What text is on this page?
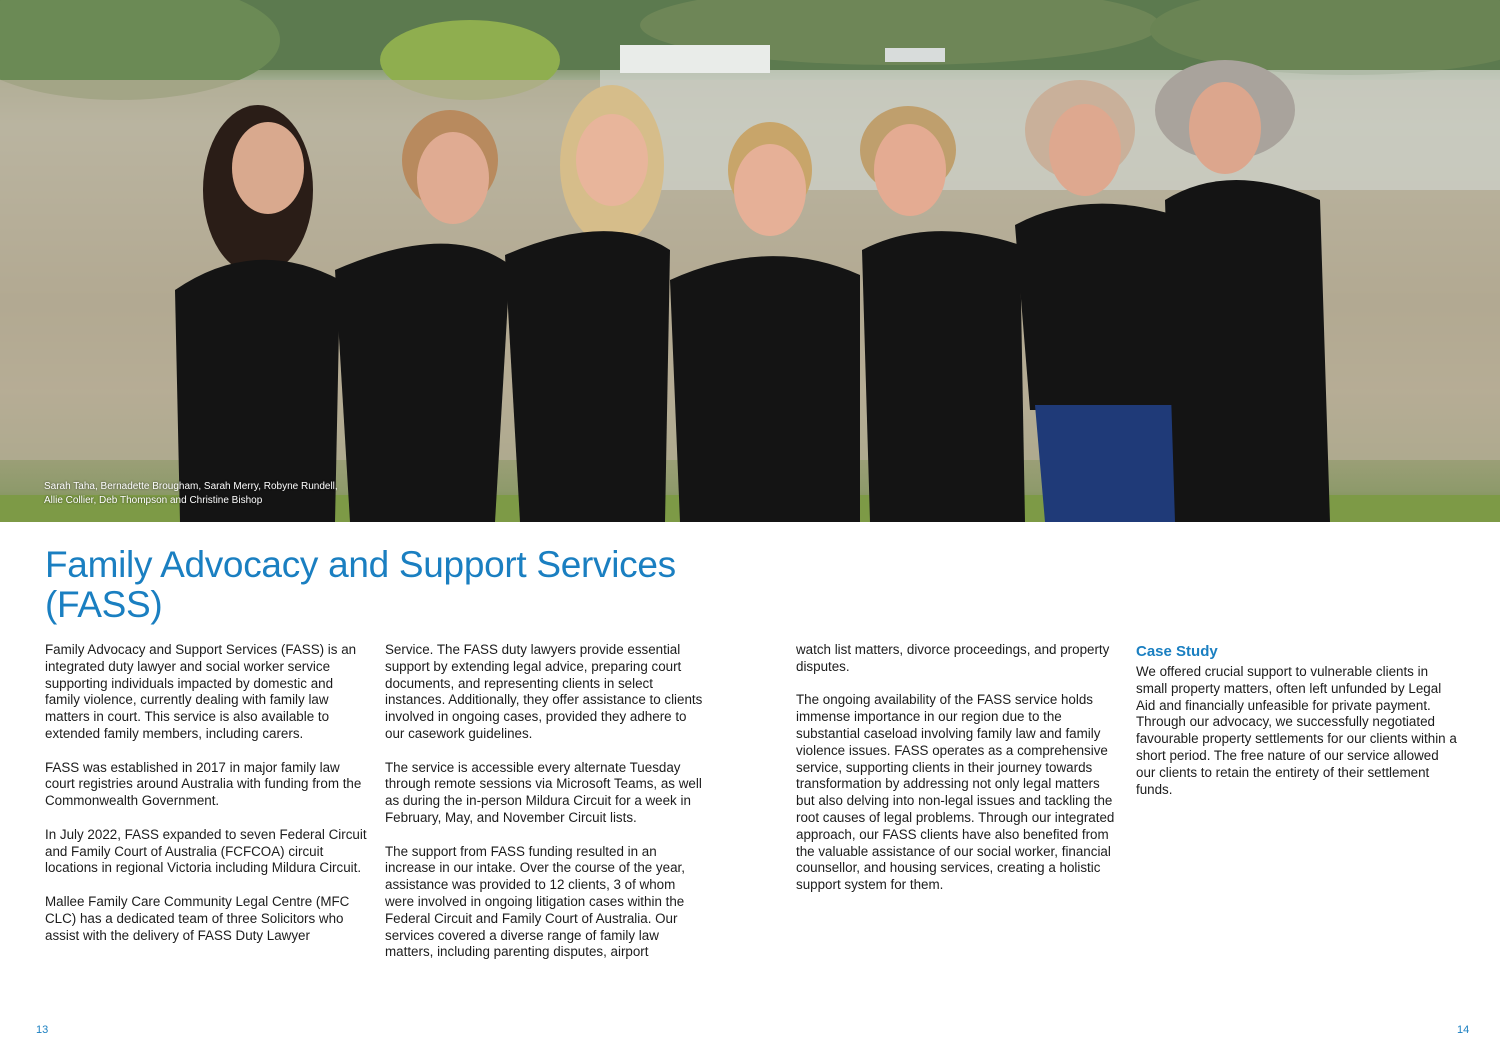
Sarah Taha, Bernadette Brougham, Sarah Merry, Robyne Rundell,
Allie Collier, Deb Thompson and Christine Bishop
Family Advocacy and Support Services (FASS)

Family Advocacy and Support Services (FASS) is an integrated duty lawyer and social worker service supporting individuals impacted by domestic and family violence, currently dealing with family law matters in court. This service is also available to extended family members, including carers.

FASS was established in 2017 in major family law court registries around Australia with funding from the Commonwealth Government.

In July 2022, FASS expanded to seven Federal Circuit and Family Court of Australia (FCFCOA) circuit locations in regional Victoria including Mildura Circuit.

Mallee Family Care Community Legal Centre (MFC CLC) has a dedicated team of three Solicitors who assist with the delivery of FASS Duty Lawyer

Service. The FASS duty lawyers provide essential support by extending legal advice, preparing court documents, and representing clients in select instances. Additionally, they offer assistance to clients involved in ongoing cases, provided they adhere to our casework guidelines.

The service is accessible every alternate Tuesday through remote sessions via Microsoft Teams, as well as during the in-person Mildura Circuit for a week in February, May, and November Circuit lists.

The support from FASS funding resulted in an increase in our intake. Over the course of the year, assistance was provided to 12 clients, 3 of whom were involved in ongoing litigation cases within the Federal Circuit and Family Court of Australia. Our services covered a diverse range of family law matters, including parenting disputes, airport

watch list matters, divorce proceedings, and property disputes.

The ongoing availability of the FASS service holds immense importance in our region due to the substantial caseload involving family law and family violence issues. FASS operates as a comprehensive service, supporting clients in their journey towards transformation by addressing not only legal matters but also delving into non-legal issues and tackling the root causes of legal problems. Through our integrated approach, our FASS clients have also benefited from the valuable assistance of our social worker, financial counsellor, and housing services, creating a holistic support system for them.

Case Study

We offered crucial support to vulnerable clients in small property matters, often left unfunded by Legal Aid and financially unfeasible for private payment. Through our advocacy, we successfully negotiated favourable property settlements for our clients within a short period. The free nature of our service allowed our clients to retain the entirety of their settlement funds.

13	14
